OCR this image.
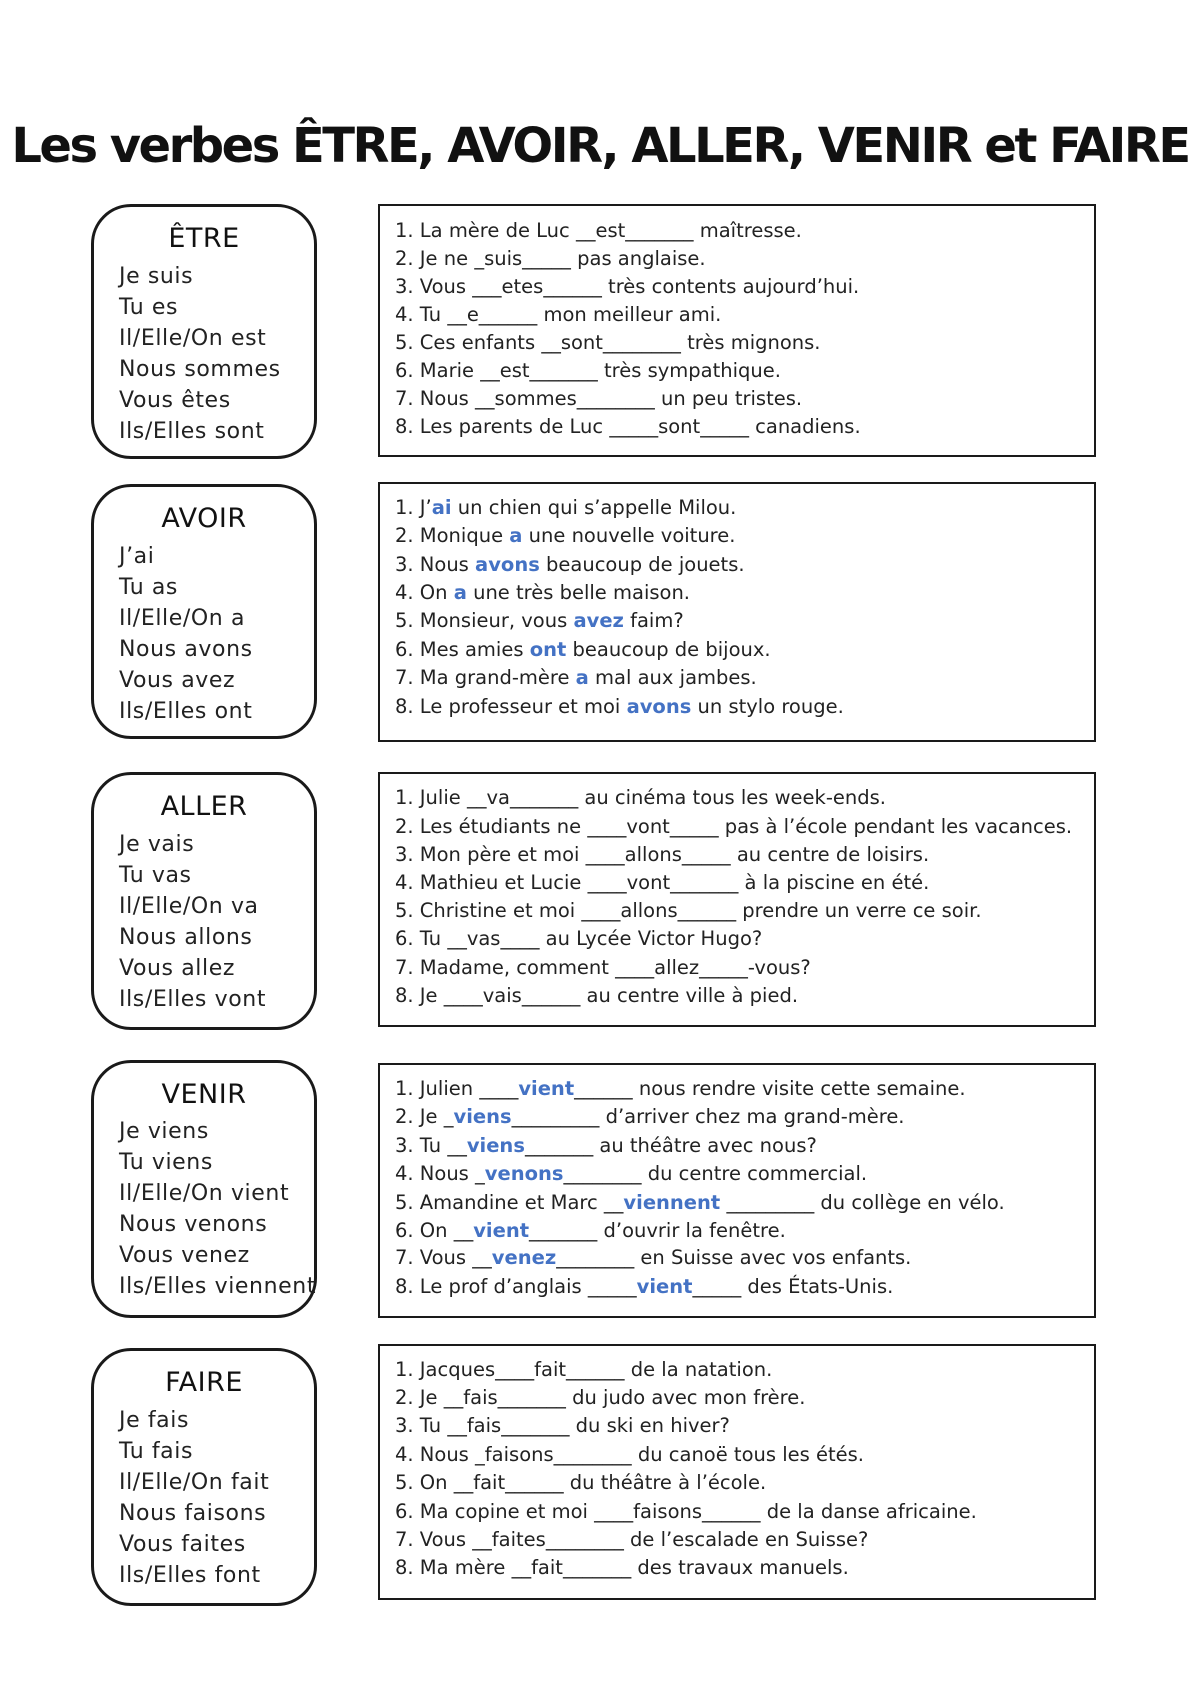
Les verbes ÊTRE, AVOIR, ALLER, VENIR et FAIRE
ÊTRE
Je suis
Tu es
Il/Elle/On est
Nous sommes
Vous êtes
Ils/Elles sont
1. La mère de Luc __est_______ maîtresse.
2. Je ne _suis_____ pas anglaise.
3. Vous ___etes______ très contents aujourd’hui.
4. Tu __e______ mon meilleur ami.
5. Ces enfants __sont________ très mignons.
6. Marie __est_______ très sympathique.
7. Nous __sommes________ un peu tristes.
8. Les parents de Luc _____sont_____ canadiens.
AVOIR
J’ai
Tu as
Il/Elle/On a
Nous avons
Vous avez
Ils/Elles ont
1. J’ai un chien qui s’appelle Milou.
2. Monique a une nouvelle voiture.
3. Nous avons beaucoup de jouets.
4. On a une très belle maison.
5. Monsieur, vous avez faim?
6. Mes amies ont beaucoup de bijoux.
7. Ma grand-mère a mal aux jambes.
8. Le professeur et moi avons un stylo rouge.
ALLER
Je vais
Tu vas
Il/Elle/On va
Nous allons
Vous allez
Ils/Elles vont
1. Julie __va_______ au cinéma tous les week-ends.
2. Les étudiants ne ____vont_____ pas à l’école pendant les vacances.
3. Mon père et moi ____allons_____ au centre de loisirs.
4. Mathieu et Lucie ____vont_______ à la piscine en été.
5. Christine et moi ____allons______ prendre un verre ce soir.
6. Tu __vas____ au Lycée Victor Hugo?
7. Madame, comment ____allez_____-vous?
8. Je ____vais______ au centre ville à pied.
VENIR
Je viens
Tu viens
Il/Elle/On vient
Nous venons
Vous venez
Ils/Elles viennent
1. Julien ____vient______ nous rendre visite cette semaine.
2. Je _viens_________ d’arriver chez ma grand-mère.
3. Tu __viens_______ au théâtre avec nous?
4. Nous _venons________ du centre commercial.
5. Amandine et Marc __viennent _________ du collège en vélo.
6. On __vient_______ d’ouvrir la fenêtre.
7. Vous __venez________ en Suisse avec vos enfants.
8. Le prof d’anglais _____vient_____ des États-Unis.
FAIRE
Je fais
Tu fais
Il/Elle/On fait
Nous faisons
Vous faites
Ils/Elles font
1. Jacques____fait______ de la natation.
2. Je __fais_______ du judo avec mon frère.
3. Tu __fais_______ du ski en hiver?
4. Nous _faisons________ du canoë tous les étés.
5. On __fait______ du théâtre à l’école.
6. Ma copine et moi ____faisons______ de la danse africaine.
7. Vous __faites________ de l’escalade en Suisse?
8. Ma mère __fait_______ des travaux manuels.
